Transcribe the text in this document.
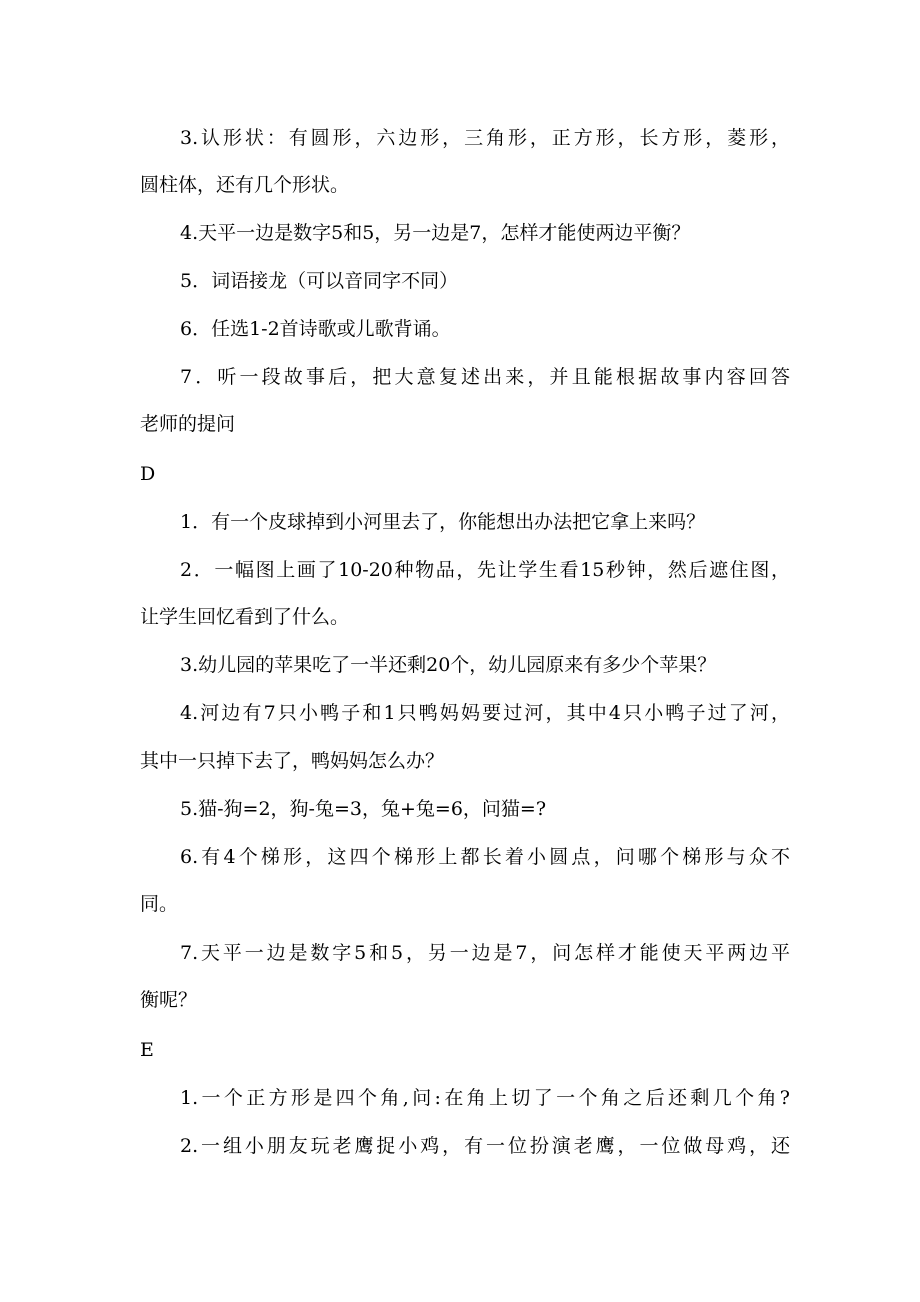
3.认形状：有圆形，六边形，三角形，正方形，长方形，菱形，
圆柱体，还有几个形状。
4.天平一边是数字5和5，另一边是7，怎样才能使两边平衡？
5．词语接龙（可以音同字不同）
6．任选1-2首诗歌或儿歌背诵。
7．听一段故事后，把大意复述出来，并且能根据故事内容回答
老师的提问
D
1．有一个皮球掉到小河里去了，你能想出办法把它拿上来吗？
2．一幅图上画了10-20种物品，先让学生看15秒钟，然后遮住图，
让学生回忆看到了什么。
3.幼儿园的苹果吃了一半还剩20个，幼儿园原来有多少个苹果？
4.河边有7只小鸭子和1只鸭妈妈要过河，其中4只小鸭子过了河，
其中一只掉下去了，鸭妈妈怎么办？
5.猫-狗=2，狗-兔=3，兔+兔=6，问猫=?
6.有4个梯形，这四个梯形上都长着小圆点，问哪个梯形与众不
同。
7.天平一边是数字5和5，另一边是7，问怎样才能使天平两边平
衡呢？
E
1.一个正方形是四个角,问:在角上切了一个角之后还剩几个角?
2.一组小朋友玩老鹰捉小鸡，有一位扮演老鹰，一位做母鸡，还
